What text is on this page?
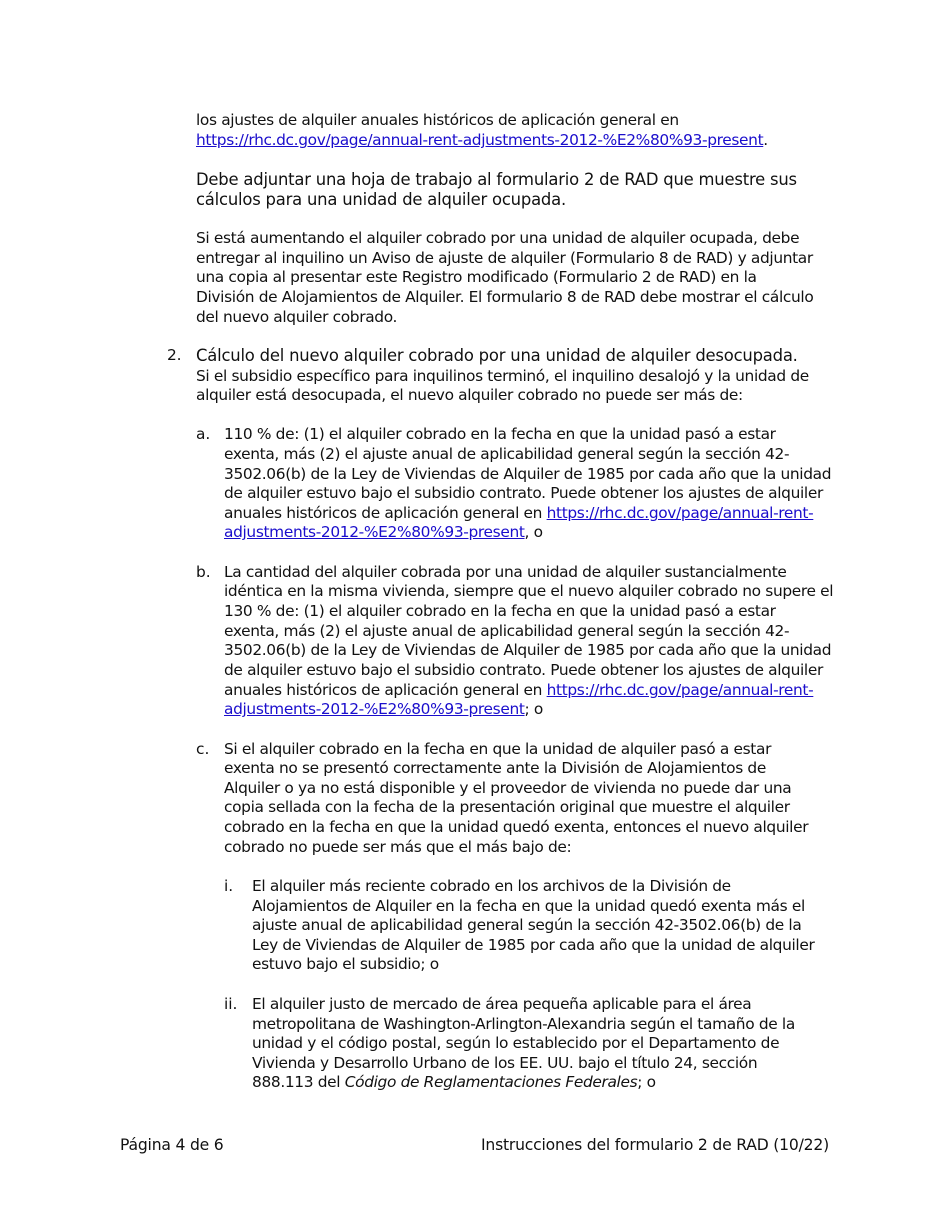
los ajustes de alquiler anuales históricos de aplicación general en
https://rhc.dc.gov/page/annual-rent-adjustments-2012-%E2%80%93-present.
Debe adjuntar una hoja de trabajo al formulario 2 de RAD que muestre sus
cálculos para una unidad de alquiler ocupada.
Si está aumentando el alquiler cobrado por una unidad de alquiler ocupada, debe
entregar al inquilino un Aviso de ajuste de alquiler (Formulario 8 de RAD) y adjuntar
una copia al presentar este Registro modificado (Formulario 2 de RAD) en la
División de Alojamientos de Alquiler. El formulario 8 de RAD debe mostrar el cálculo
del nuevo alquiler cobrado.
2. Cálculo del nuevo alquiler cobrado por una unidad de alquiler desocupada.
Si el subsidio específico para inquilinos terminó, el inquilino desalojó y la unidad de
alquiler está desocupada, el nuevo alquiler cobrado no puede ser más de:
a. 110 % de: (1) el alquiler cobrado en la fecha en que la unidad pasó a estar
exenta, más (2) el ajuste anual de aplicabilidad general según la sección 42-
3502.06(b) de la Ley de Viviendas de Alquiler de 1985 por cada año que la unidad
de alquiler estuvo bajo el subsidio contrato. Puede obtener los ajustes de alquiler
anuales históricos de aplicación general en https://rhc.dc.gov/page/annual-rent-
adjustments-2012-%E2%80%93-present, o
b. La cantidad del alquiler cobrada por una unidad de alquiler sustancialmente
idéntica en la misma vivienda, siempre que el nuevo alquiler cobrado no supere el
130 % de: (1) el alquiler cobrado en la fecha en que la unidad pasó a estar
exenta, más (2) el ajuste anual de aplicabilidad general según la sección 42-
3502.06(b) de la Ley de Viviendas de Alquiler de 1985 por cada año que la unidad
de alquiler estuvo bajo el subsidio contrato. Puede obtener los ajustes de alquiler
anuales históricos de aplicación general en https://rhc.dc.gov/page/annual-rent-
adjustments-2012-%E2%80%93-present; o
c. Si el alquiler cobrado en la fecha en que la unidad de alquiler pasó a estar
exenta no se presentó correctamente ante la División de Alojamientos de
Alquiler o ya no está disponible y el proveedor de vivienda no puede dar una
copia sellada con la fecha de la presentación original que muestre el alquiler
cobrado en la fecha en que la unidad quedó exenta, entonces el nuevo alquiler
cobrado no puede ser más que el más bajo de:
i. El alquiler más reciente cobrado en los archivos de la División de
Alojamientos de Alquiler en la fecha en que la unidad quedó exenta más el
ajuste anual de aplicabilidad general según la sección 42-3502.06(b) de la
Ley de Viviendas de Alquiler de 1985 por cada año que la unidad de alquiler
estuvo bajo el subsidio; o
ii. El alquiler justo de mercado de área pequeña aplicable para el área
metropolitana de Washington-Arlington-Alexandria según el tamaño de la
unidad y el código postal, según lo establecido por el Departamento de
Vivienda y Desarrollo Urbano de los EE. UU. bajo el título 24, sección
888.113 del Código de Reglamentaciones Federales; o
Página 4 de 6	Instrucciones del formulario 2 de RAD (10/22)
